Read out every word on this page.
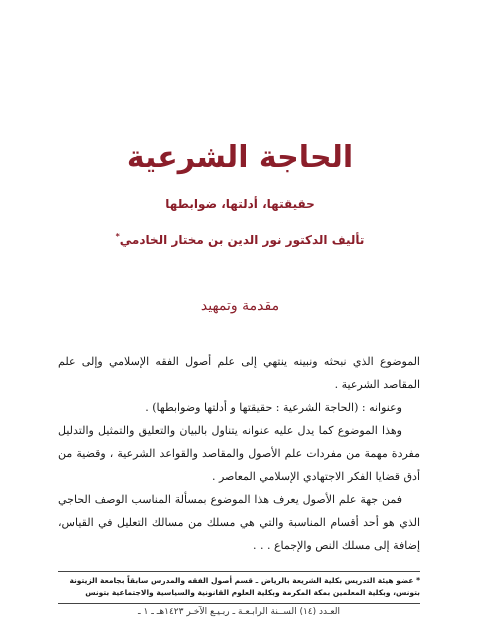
الحاجة الشرعية
حقيقتها، أدلتها، ضوابطها
تأليف الدكتور نور الدين بن مختار الخادمي*
مقدمة وتمهيد

الموضوع الذي نبحثه ونبينه ينتهي إلى علم أصول الفقه الإسلامي وإلى علم المقاصد الشرعية .

وعنوانه : (الحاجة الشرعية : حقيقتها و أدلتها وضوابطها) .

وهذا الموضوع كما يدل عليه عنوانه يتناول بالبيان والتعليق والتمثيل والتدليل مفردة مهمة من مفردات علم الأصول والمقاصد والقواعد الشرعية ، وقضية من أدق قضايا الفكر الاجتهادي الإسلامي المعاصر .

فمن جهة علم الأصول يعرف هذا الموضوع بمسألة المناسب الوصف الحاجي الذي هو أحد أقسام المناسبة والتي هي مسلك من مسالك التعليل في القياس، إضافة إلى مسلك النص والإجماع . . .

* عضو هيئة التدريس بكلية الشريعة بالرياض ـ قسم أصول الفقه والمدرس سابقاً بجامعة الزيتونة بتونس، وبكلية المعلمين بمكة المكرمة وبكلية العلوم القانونية والسياسية والاجتماعية بتونس
العـدد (١٤) الســنة الرابـعـة ـ ربـيـع الآخـر ١٤٢٣هـ ـ ١ ـ
